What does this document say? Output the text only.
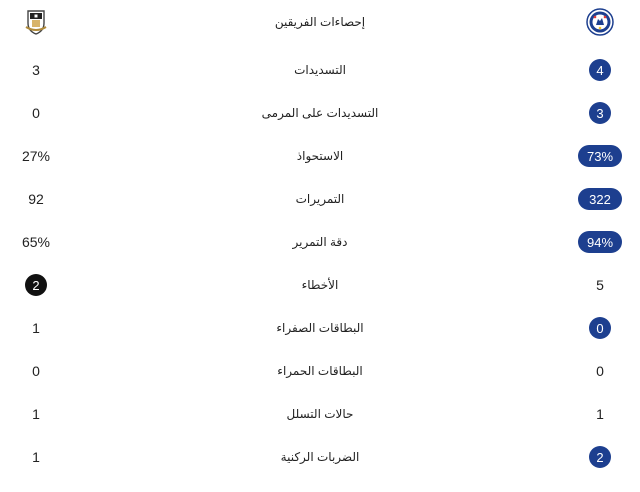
إحصاءات الفريقين
4
التسديدات
3
3
التسديدات على المرمى
0
73%
الاستحواذ
27%
322
التمريرات
92
94%
دقة التمرير
65%
5
الأخطاء
2
0
البطاقات الصفراء
1
0
البطاقات الحمراء
0
1
حالات التسلل
1
2
الضربات الركنية
1
